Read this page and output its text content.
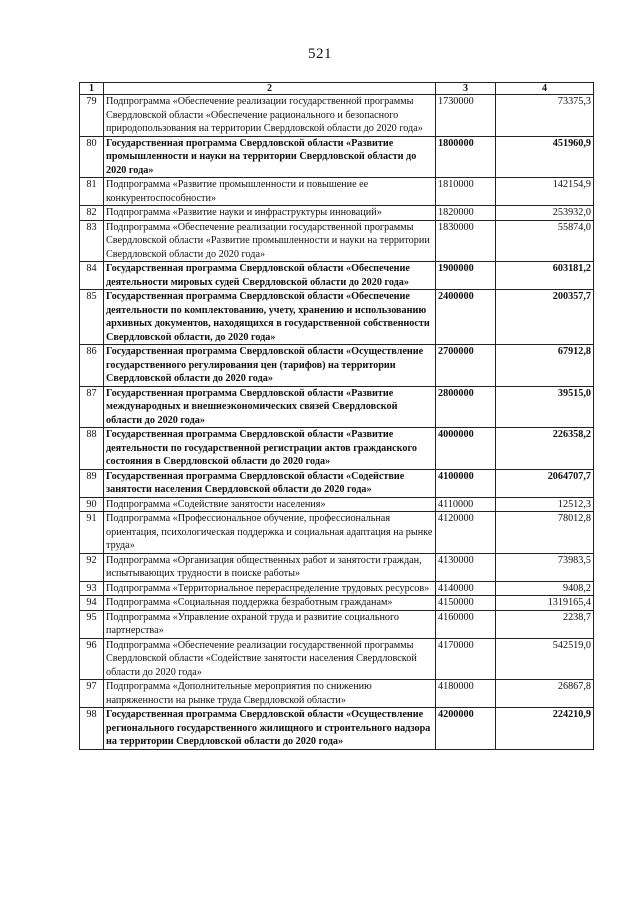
521
1	2	3	4
79	Подпрограмма «Обеспечение реализации государственной программы Свердловской области «Обеспечение рационального и безопасного природопользования на территории Свердловской области до 2020 года»	1730000	73375,3
80	Государственная программа Свердловской области «Развитие промышленности и науки на территории Свердловской области до 2020 года»	1800000	451960,9
81	Подпрограмма «Развитие промышленности и повышение ее конкурентоспособности»	1810000	142154,9
82	Подпрограмма «Развитие науки и инфраструктуры инноваций»	1820000	253932,0
83	Подпрограмма «Обеспечение реализации государственной программы Свердловской области «Развитие промышленности и науки на территории Свердловской области до 2020 года»	1830000	55874,0
84	Государственная программа Свердловской области «Обеспечение деятельности мировых судей Свердловской области до 2020 года»	1900000	603181,2
85	Государственная программа Свердловской области «Обеспечение деятельности по комплектованию, учету, хранению и использованию архивных документов, находящихся в государственной собственности Свердловской области, до 2020 года»	2400000	200357,7
86	Государственная программа Свердловской области «Осуществление государственного регулирования цен (тарифов) на территории Свердловской области до 2020 года»	2700000	67912,8
87	Государственная программа Свердловской области «Развитие международных и внешнеэкономических связей Свердловской области до 2020 года»	2800000	39515,0
88	Государственная программа Свердловской области «Развитие деятельности по государственной регистрации актов гражданского состояния в Свердловской области до 2020 года»	4000000	226358,2
89	Государственная программа Свердловской области «Содействие занятости населения Свердловской области до 2020 года»	4100000	2064707,7
90	Подпрограмма «Содействие занятости населения»	4110000	12512,3
91	Подпрограмма «Профессиональное обучение, профессиональная ориентация, психологическая поддержка и социальная адаптация на рынке труда»	4120000	78012,8
92	Подпрограмма «Организация общественных работ и занятости граждан, испытывающих трудности в поиске работы»	4130000	73983,5
93	Подпрограмма «Территориальное перераспределение трудовых ресурсов»	4140000	9408,2
94	Подпрограмма «Социальная поддержка безработным гражданам»	4150000	1319165,4
95	Подпрограмма «Управление охраной труда и развитие социального партнерства»	4160000	2238,7
96	Подпрограмма «Обеспечение реализации государственной программы Свердловской области «Содействие занятости населения Свердловской области до 2020 года»	4170000	542519,0
97	Подпрограмма «Дополнительные мероприятия по снижению напряженности на рынке труда Свердловской области»	4180000	26867,8
98	Государственная программа Свердловской области «Осуществление регионального государственного жилищного и строительного надзора на территории Свердловской области до 2020 года»	4200000	224210,9
